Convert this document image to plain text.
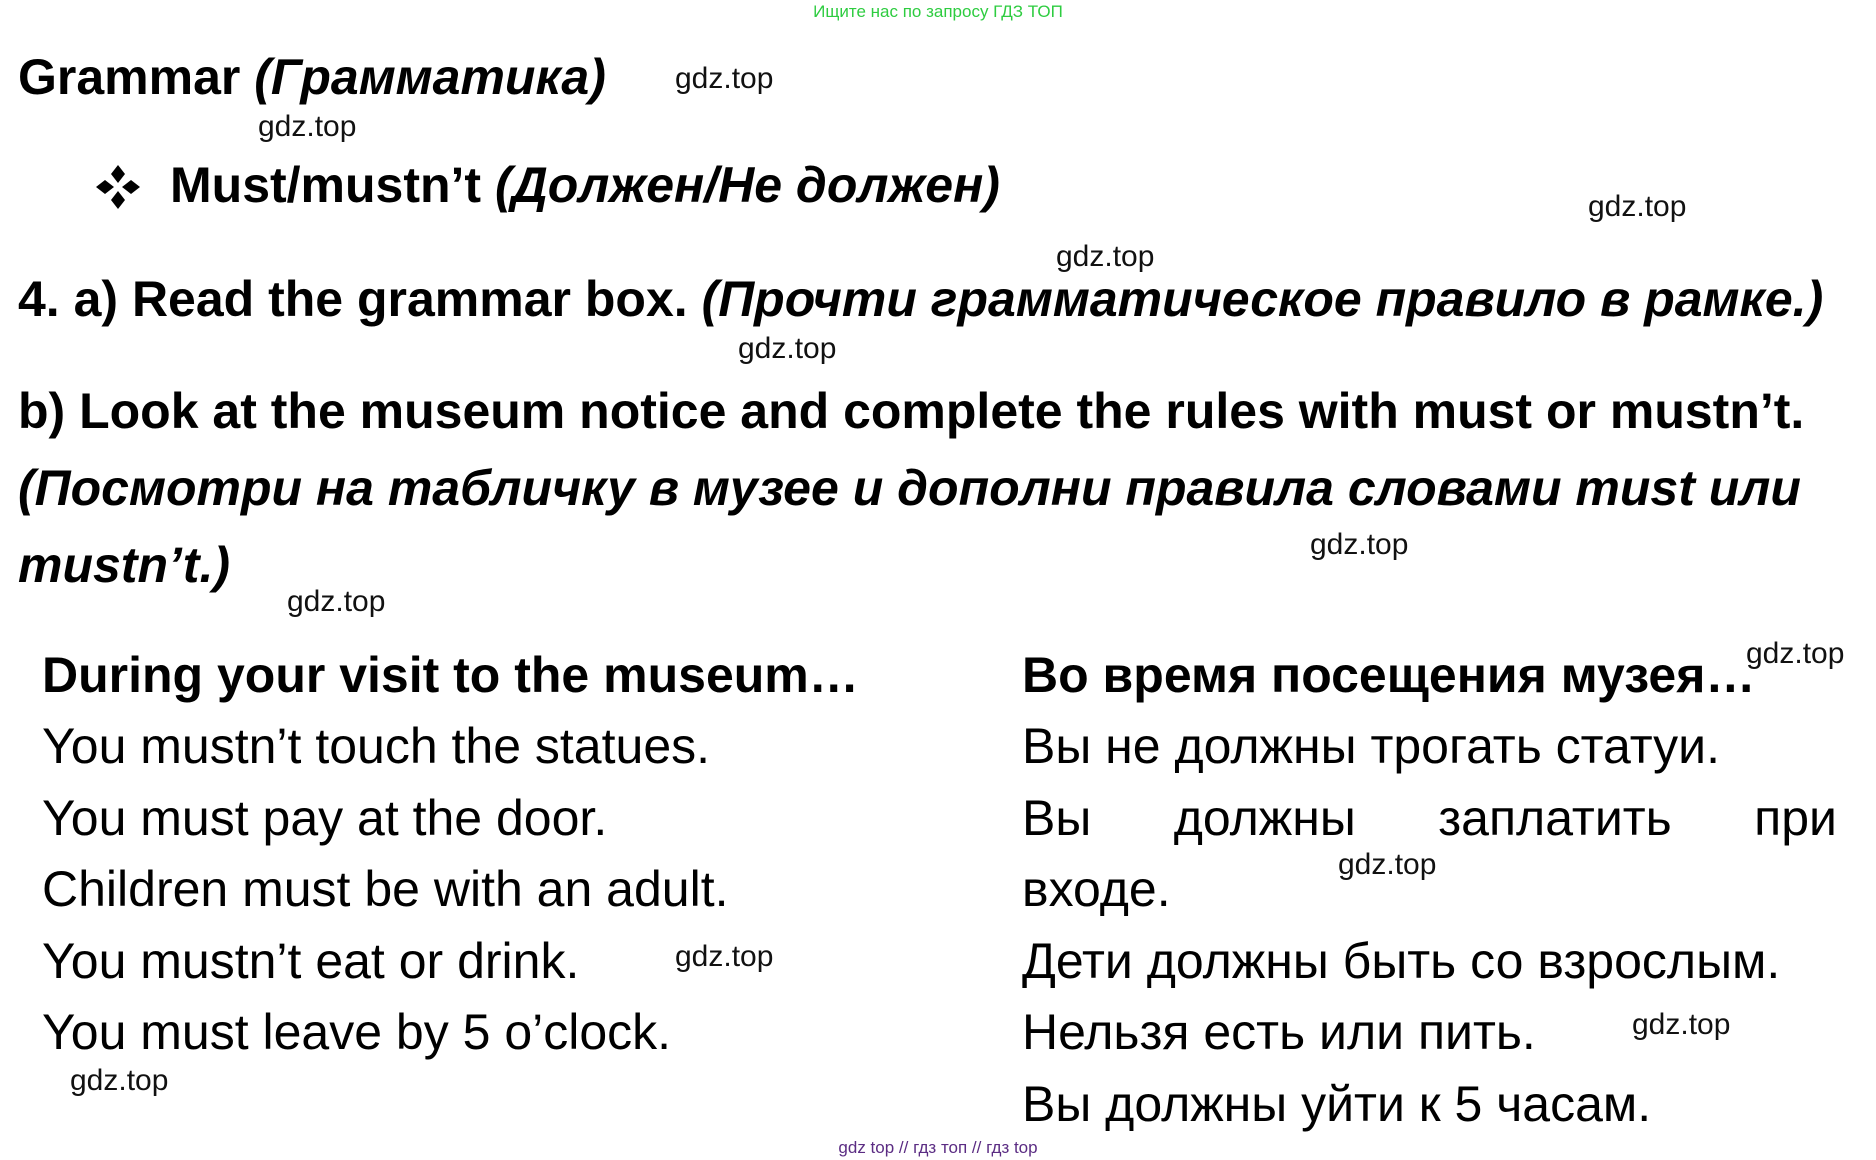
Ищите нас по запросу ГДЗ ТОП
Grammar (Грамматика)
Must/mustn’t (Должен/Не должен)
4. a) Read the grammar box. (Прочти грамматическое правило в рамке.)
b) Look at the museum notice and complete the rules with must or mustn’t.
(Посмотри на табличку в музее и дополни правила словами must или
mustn’t.)
During your visit to the museum…
You mustn’t touch the statues.
You must pay at the door.
Children must be with an adult.
You mustn’t eat or drink.
You must leave by 5 o’clock.
Во время посещения музея…
Вы не должны трогать статуи.
Вы должны заплатить при
входе.
Дети должны быть со взрослым.
Нельзя есть или пить.
Вы должны уйти к 5 часам.
gdz.top
gdz.top
gdz.top
gdz.top
gdz.top
gdz.top
gdz.top
gdz.top
gdz.top
gdz.top
gdz.top
gdz.top
gdz top // гдз топ // гдз top
